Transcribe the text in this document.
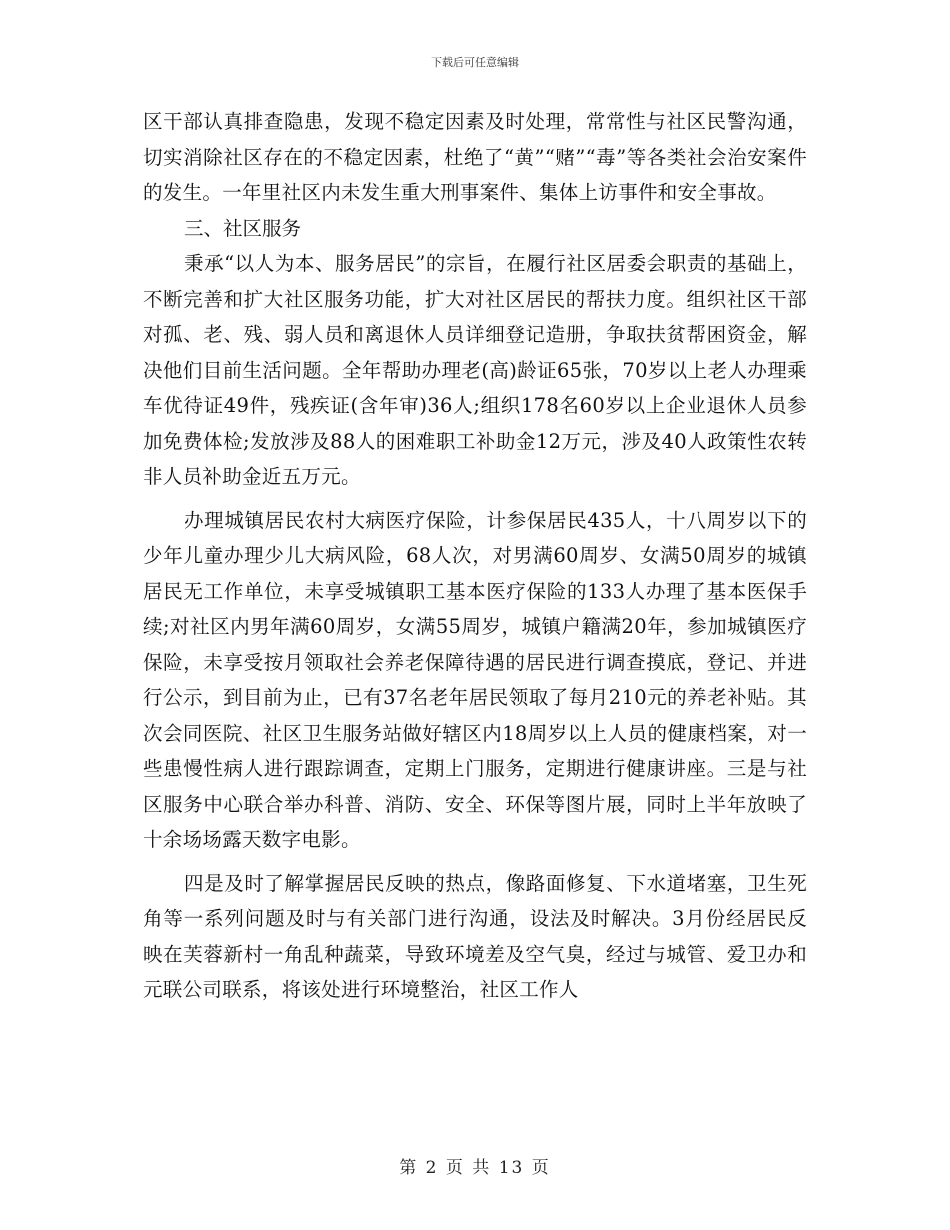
下载后可任意编辑

区干部认真排查隐患，发现不稳定因素及时处理，常常性与社区民警沟通，切实消除社区存在的不稳定因素，杜绝了“黄”“赌”“毒”等各类社会治安案件的发生。一年里社区内未发生重大刑事案件、集体上访事件和安全事故。

三、社区服务

秉承“以人为本、服务居民”的宗旨，在履行社区居委会职责的基础上，不断完善和扩大社区服务功能，扩大对社区居民的帮扶力度。组织社区干部对孤、老、残、弱人员和离退休人员详细登记造册，争取扶贫帮困资金，解决他们目前生活问题。全年帮助办理老(高)龄证65张，70岁以上老人办理乘车优待证49件，残疾证(含年审)36人;组织178名60岁以上企业退休人员参加免费体检;发放涉及88人的困难职工补助金12万元，涉及40人政策性农转非人员补助金近五万元。

办理城镇居民农村大病医疗保险，计参保居民435人，十八周岁以下的少年儿童办理少儿大病风险，68人次，对男满60周岁、女满50周岁的城镇居民无工作单位，未享受城镇职工基本医疗保险的133人办理了基本医保手续;对社区内男年满60周岁，女满55周岁，城镇户籍满20年，参加城镇医疗保险，未享受按月领取社会养老保障待遇的居民进行调查摸底，登记、并进行公示，到目前为止，已有37名老年居民领取了每月210元的养老补贴。其次会同医院、社区卫生服务站做好辖区内18周岁以上人员的健康档案，对一些患慢性病人进行跟踪调查，定期上门服务，定期进行健康讲座。三是与社区服务中心联合举办科普、消防、安全、环保等图片展，同时上半年放映了十余场场露天数字电影。

四是及时了解掌握居民反映的热点，像路面修复、下水道堵塞，卫生死角等一系列问题及时与有关部门进行沟通，设法及时解决。3月份经居民反映在芙蓉新村一角乱种蔬菜，导致环境差及空气臭，经过与城管、爱卫办和元联公司联系，将该处进行环境整治，社区工作人

第 2 页 共 13 页
